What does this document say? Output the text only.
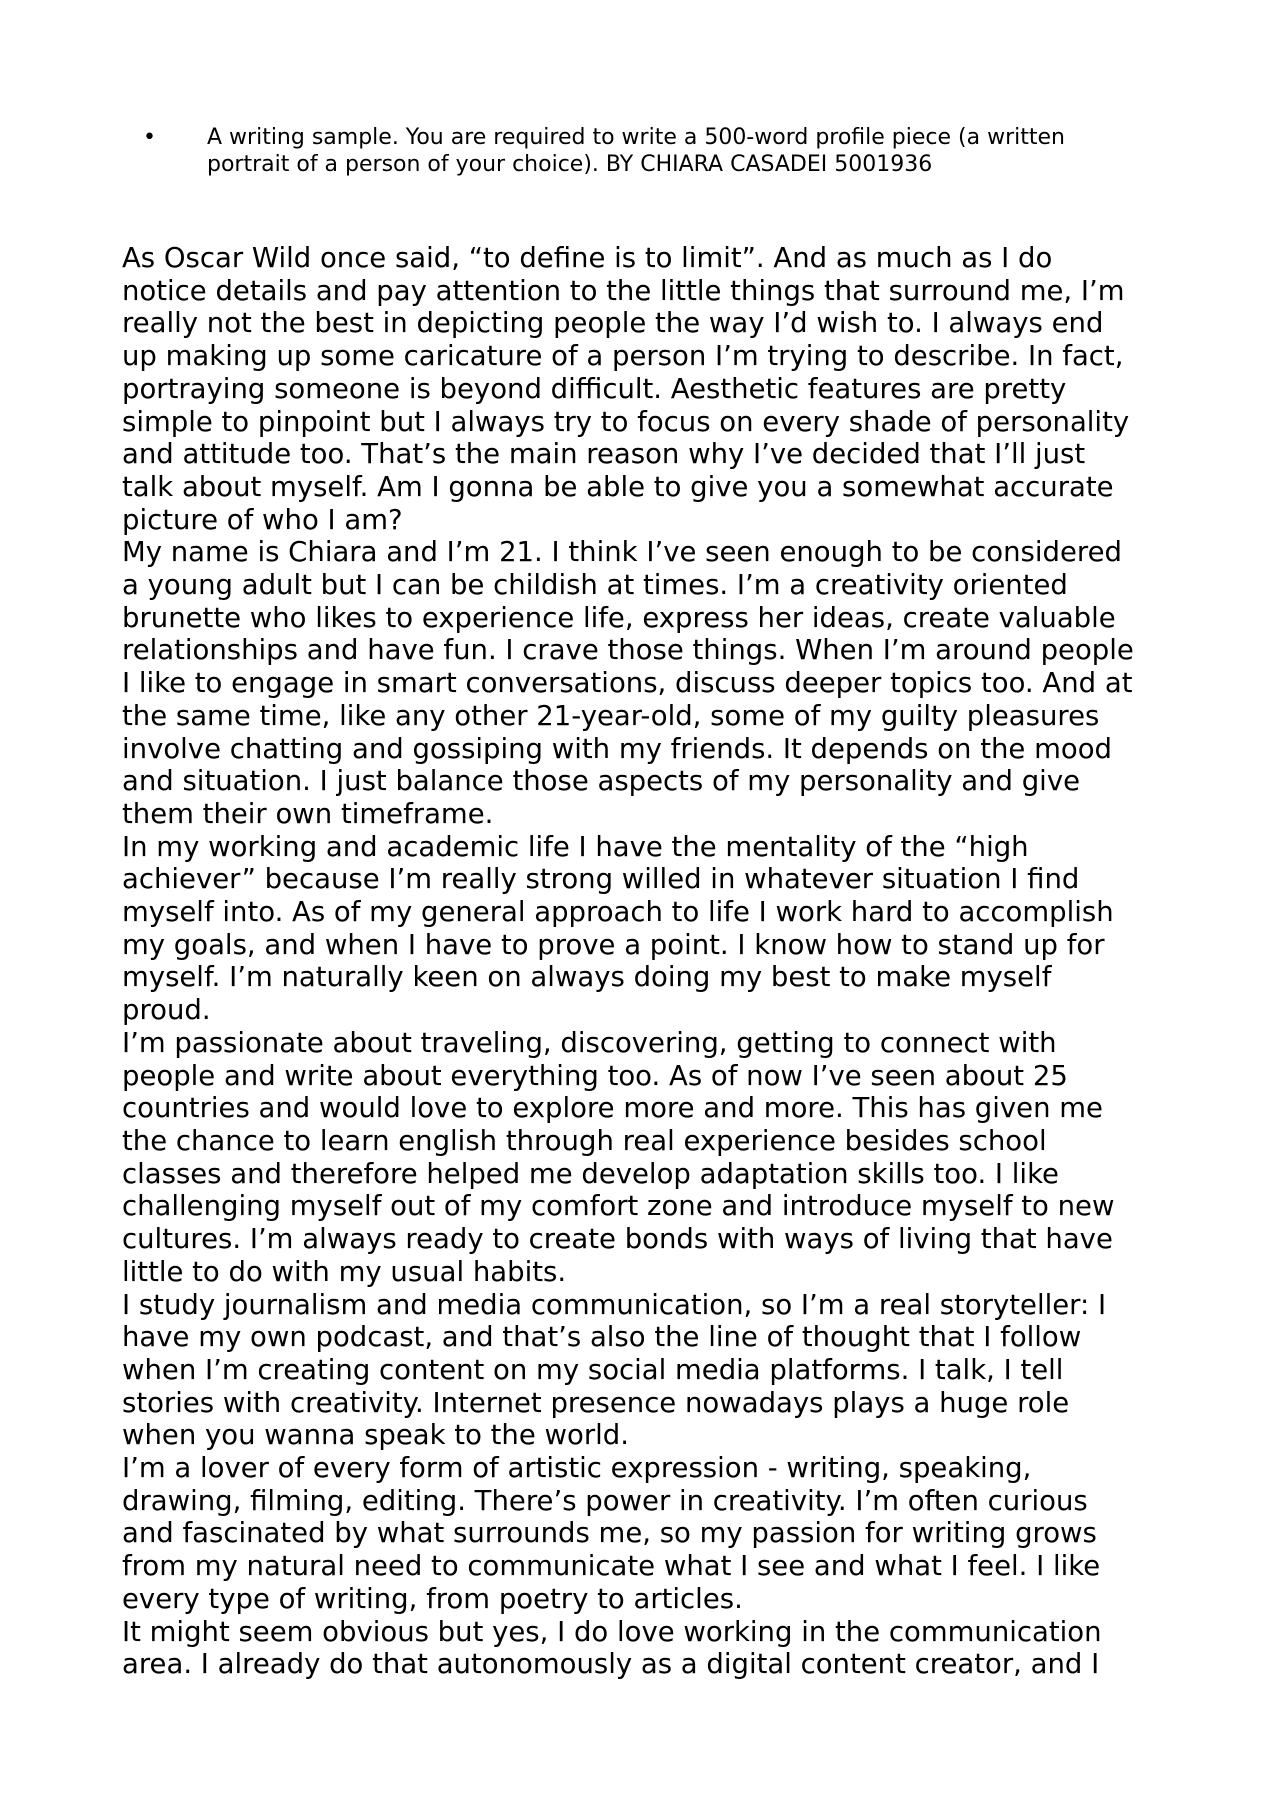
•	A writing sample. You are required to write a 500-word profile piece (a written
portrait of a person of your choice). BY CHIARA CASADEI 5001936
As Oscar Wild once said, “to define is to limit”. And as much as I do
notice details and pay attention to the little things that surround me, I’m
really not the best in depicting people the way I’d wish to. I always end
up making up some caricature of a person I’m trying to describe. In fact,
portraying someone is beyond difficult. Aesthetic features are pretty
simple to pinpoint but I always try to focus on every shade of personality
and attitude too. That’s the main reason why I’ve decided that I’ll just
talk about myself. Am I gonna be able to give you a somewhat accurate
picture of who I am?
My name is Chiara and I’m 21. I think I’ve seen enough to be considered
a young adult but I can be childish at times. I’m a creativity oriented
brunette who likes to experience life, express her ideas, create valuable
relationships and have fun. I crave those things. When I’m around people
I like to engage in smart conversations, discuss deeper topics too. And at
the same time, like any other 21-year-old, some of my guilty pleasures
involve chatting and gossiping with my friends. It depends on the mood
and situation. I just balance those aspects of my personality and give
them their own timeframe.
In my working and academic life I have the mentality of the “high
achiever” because I’m really strong willed in whatever situation I find
myself into. As of my general approach to life I work hard to accomplish
my goals, and when I have to prove a point. I know how to stand up for
myself. I’m naturally keen on always doing my best to make myself
proud.
I’m passionate about traveling, discovering, getting to connect with
people and write about everything too. As of now I’ve seen about 25
countries and would love to explore more and more. This has given me
the chance to learn english through real experience besides school
classes and therefore helped me develop adaptation skills too. I like
challenging myself out of my comfort zone and introduce myself to new
cultures. I’m always ready to create bonds with ways of living that have
little to do with my usual habits.
I study journalism and media communication, so I’m a real storyteller: I
have my own podcast, and that’s also the line of thought that I follow
when I’m creating content on my social media platforms. I talk, I tell
stories with creativity. Internet presence nowadays plays a huge role
when you wanna speak to the world.
I’m a lover of every form of artistic expression - writing, speaking,
drawing, filming, editing. There’s power in creativity. I’m often curious
and fascinated by what surrounds me, so my passion for writing grows
from my natural need to communicate what I see and what I feel. I like
every type of writing, from poetry to articles.
It might seem obvious but yes, I do love working in the communication
area. I already do that autonomously as a digital content creator, and I
